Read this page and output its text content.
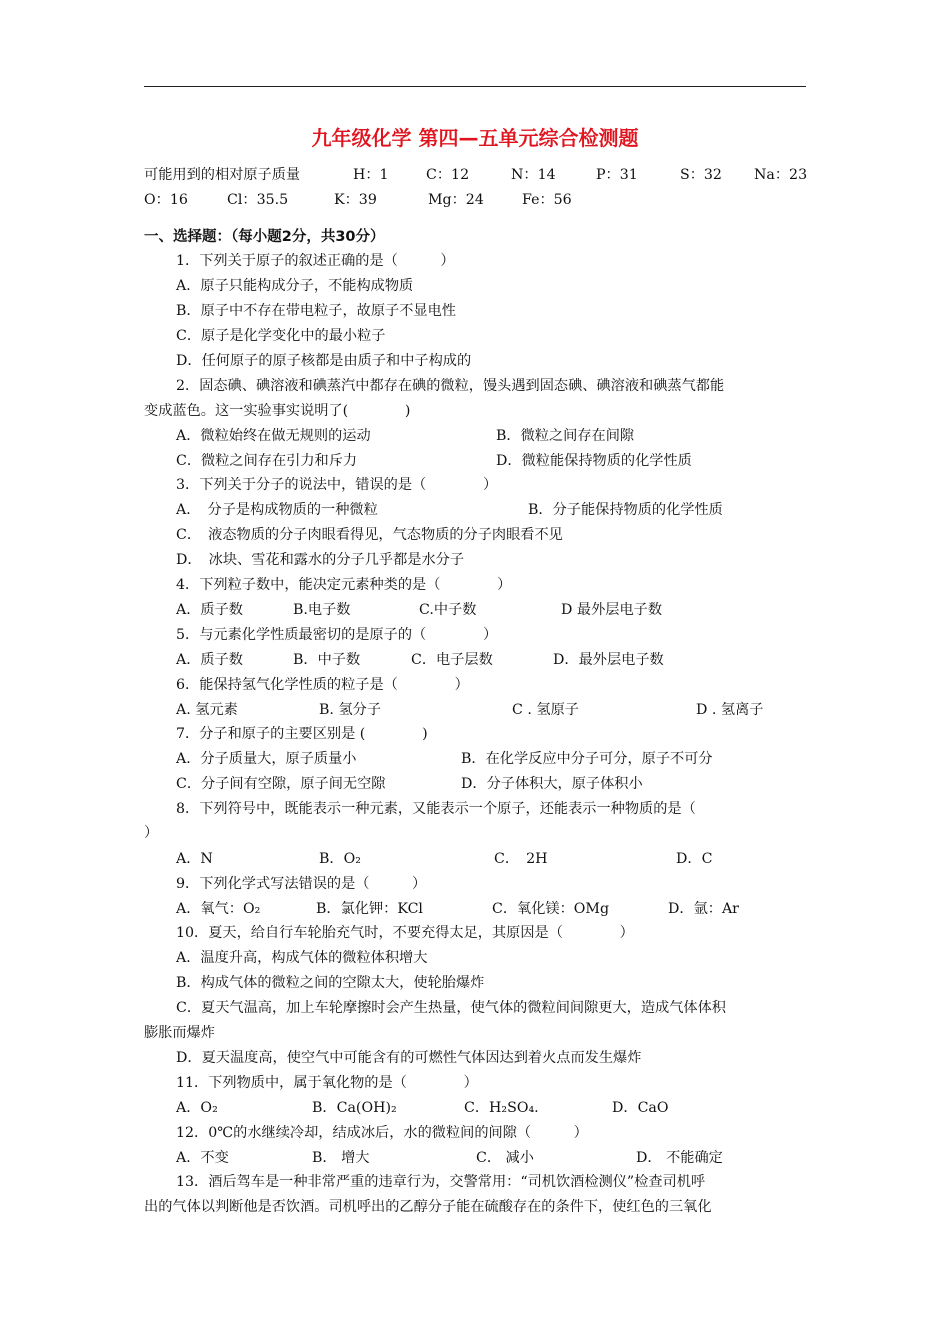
九年级化学 第四—五单元综合检测题
可能用到的相对原子质量	H：1	C：12	N：14	P：31	S：32 Na：23
O：16	Cl：35.5	K：39	Mg：24	Fe：56
一、选择题：（每小题2分，共30分）
1．下列关于原子的叙述正确的是（　　　）
A．原子只能构成分子，不能构成物质
B．原子中不存在带电粒子，故原子不显电性
C．原子是化学变化中的最小粒子
D．任何原子的原子核都是由质子和中子构成的
2．固态碘、碘溶液和碘蒸汽中都存在碘的微粒，馒头遇到固态碘、碘溶液和碘蒸气都能
变成蓝色。这一实验事实说明了(　　　　)
A．微粒始终在做无规则的运动	B．微粒之间存在间隙
C．微粒之间存在引力和斥力	D．微粒能保持物质的化学性质
3．下列关于分子的说法中，错误的是（　　　　）
A．　分子是构成物质的一种微粒	B．分子能保持物质的化学性质
C．　液态物质的分子肉眼看得见，气态物质的分子肉眼看不见
D．　冰块、雪花和露水的分子几乎都是水分子
4．下列粒子数中，能决定元素种类的是（　　　　）
A．质子数	B.电子数	C.中子数	D 最外层电子数
5．与元素化学性质最密切的是原子的（　　　　）
A．质子数	B．中子数	C．电子层数	D．最外层电子数
6．能保持氢气化学性质的粒子是（　　　　）
A. 氢元素	B. 氢分子	C . 氢原子	D . 氢离子
7．分子和原子的主要区别是 (　　　　)
A．分子质量大，原子质量小	B．在化学反应中分子可分，原子不可分
C．分子间有空隙，原子间无空隙	D．分子体积大，原子体积小
8．下列符号中，既能表示一种元素，又能表示一个原子，还能表示一种物质的是（
）
A．N	B．O₂	C．　2H	D．C
9．下列化学式写法错误的是（　　　）
A．氧气：O₂	B．氯化钾：KCl	C．氧化镁：OMg	D．氩：Ar
10．夏天，给自行车轮胎充气时，不要充得太足，其原因是（　　　　）
A．温度升高，构成气体的微粒体积增大
B．构成气体的微粒之间的空隙太大，使轮胎爆炸
C．夏天气温高，加上车轮摩擦时会产生热量，使气体的微粒间间隙更大，造成气体体积
膨胀而爆炸
D．夏天温度高，使空气中可能含有的可燃性气体因达到着火点而发生爆炸
11．下列物质中，属于氧化物的是（　　　　）
A．O₂	B．Ca(OH)₂	C．H₂SO₄.	D．CaO
12．0℃的水继续冷却，结成冰后，水的微粒间的间隙（　　　）
A．不变	B． 增大	C． 减小	D． 不能确定
13．酒后驾车是一种非常严重的违章行为，交警常用：“司机饮酒检测仪”检查司机呼
出的气体以判断他是否饮酒。司机呼出的乙醇分子能在硫酸存在的条件下，使红色的三氧化
